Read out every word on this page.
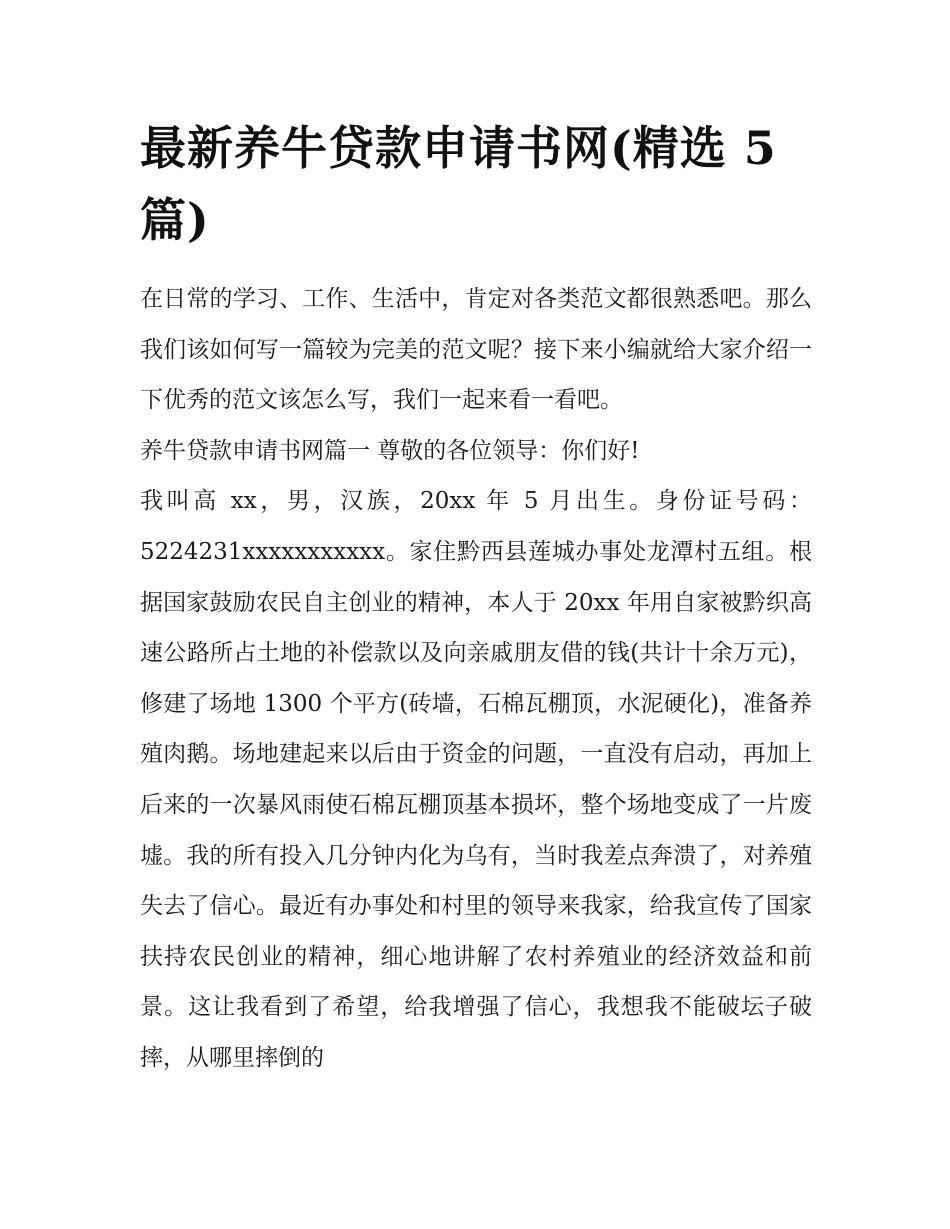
最新养牛贷款申请书网(精选 5 篇)

在日常的学习、工作、生活中，肯定对各类范文都很熟悉吧。那么我们该如何写一篇较为完美的范文呢？接下来小编就给大家介绍一下优秀的范文该怎么写，我们一起来看一看吧。

养牛贷款申请书网篇一 尊敬的各位领导：你们好!

我叫高 xx，男，汉族，20xx 年 5 月出生。身份证号码：5224231xxxxxxxxxxx。家住黔西县莲城办事处龙潭村五组。根据国家鼓励农民自主创业的精神，本人于 20xx 年用自家被黔织高速公路所占土地的补偿款以及向亲戚朋友借的钱(共计十余万元)，修建了场地 1300 个平方(砖墙，石棉瓦棚顶，水泥硬化)，准备养殖肉鹅。场地建起来以后由于资金的问题，一直没有启动，再加上后来的一次暴风雨使石棉瓦棚顶基本损坏，整个场地变成了一片废墟。我的所有投入几分钟内化为乌有，当时我差点奔溃了，对养殖失去了信心。最近有办事处和村里的领导来我家，给我宣传了国家扶持农民创业的精神，细心地讲解了农村养殖业的经济效益和前景。这让我看到了希望，给我增强了信心，我想我不能破坛子破摔，从哪里摔倒的
